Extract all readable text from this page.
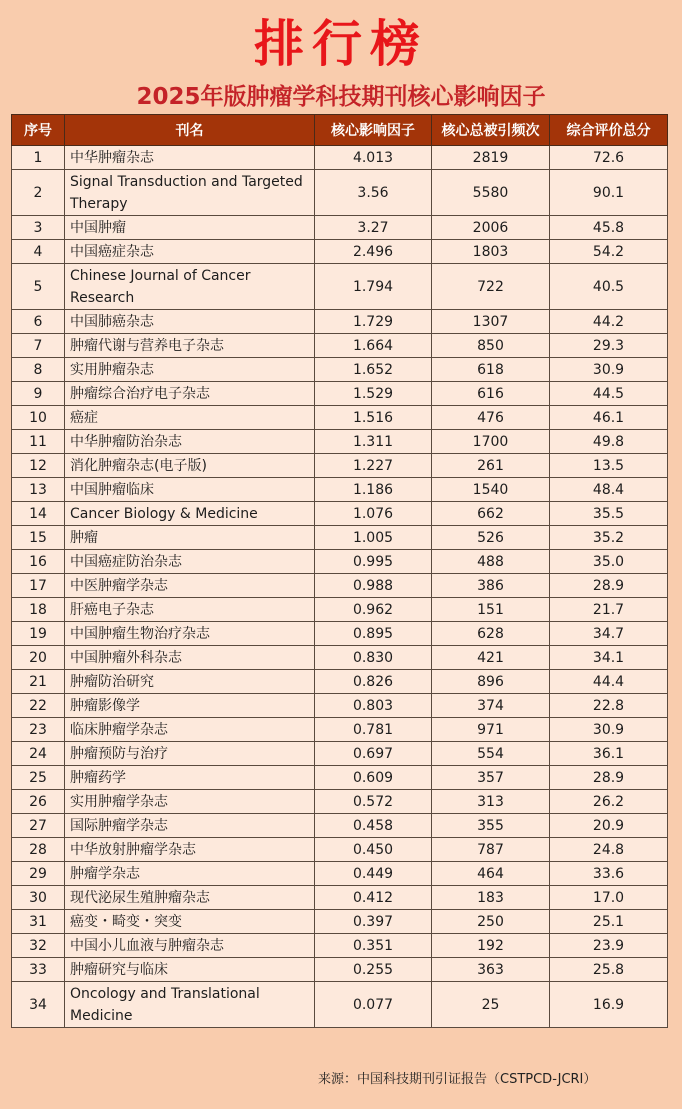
排行榜
2025年版肿瘤学科技期刊核心影响因子
序号	刊名	核心影响因子	核心总被引频次	综合评价总分
1	中华肿瘤杂志	4.013	2819	72.6
2	Signal Transduction and Targeted Therapy	3.56	5580	90.1
3	中国肿瘤	3.27	2006	45.8
4	中国癌症杂志	2.496	1803	54.2
5	Chinese Journal of Cancer Research	1.794	722	40.5
6	中国肺癌杂志	1.729	1307	44.2
7	肿瘤代谢与营养电子杂志	1.664	850	29.3
8	实用肿瘤杂志	1.652	618	30.9
9	肿瘤综合治疗电子杂志	1.529	616	44.5
10	癌症	1.516	476	46.1
11	中华肿瘤防治杂志	1.311	1700	49.8
12	消化肿瘤杂志(电子版)	1.227	261	13.5
13	中国肿瘤临床	1.186	1540	48.4
14	Cancer Biology & Medicine	1.076	662	35.5
15	肿瘤	1.005	526	35.2
16	中国癌症防治杂志	0.995	488	35.0
17	中医肿瘤学杂志	0.988	386	28.9
18	肝癌电子杂志	0.962	151	21.7
19	中国肿瘤生物治疗杂志	0.895	628	34.7
20	中国肿瘤外科杂志	0.830	421	34.1
21	肿瘤防治研究	0.826	896	44.4
22	肿瘤影像学	0.803	374	22.8
23	临床肿瘤学杂志	0.781	971	30.9
24	肿瘤预防与治疗	0.697	554	36.1
25	肿瘤药学	0.609	357	28.9
26	实用肿瘤学杂志	0.572	313	26.2
27	国际肿瘤学杂志	0.458	355	20.9
28	中华放射肿瘤学杂志	0.450	787	24.8
29	肿瘤学杂志	0.449	464	33.6
30	现代泌尿生殖肿瘤杂志	0.412	183	17.0
31	癌变・畸变・突变	0.397	250	25.1
32	中国小儿血液与肿瘤杂志	0.351	192	23.9
33	肿瘤研究与临床	0.255	363	25.8
34	Oncology and Translational Medicine	0.077	25	16.9
来源：中国科技期刊引证报告（CSTPCD-JCRI）
